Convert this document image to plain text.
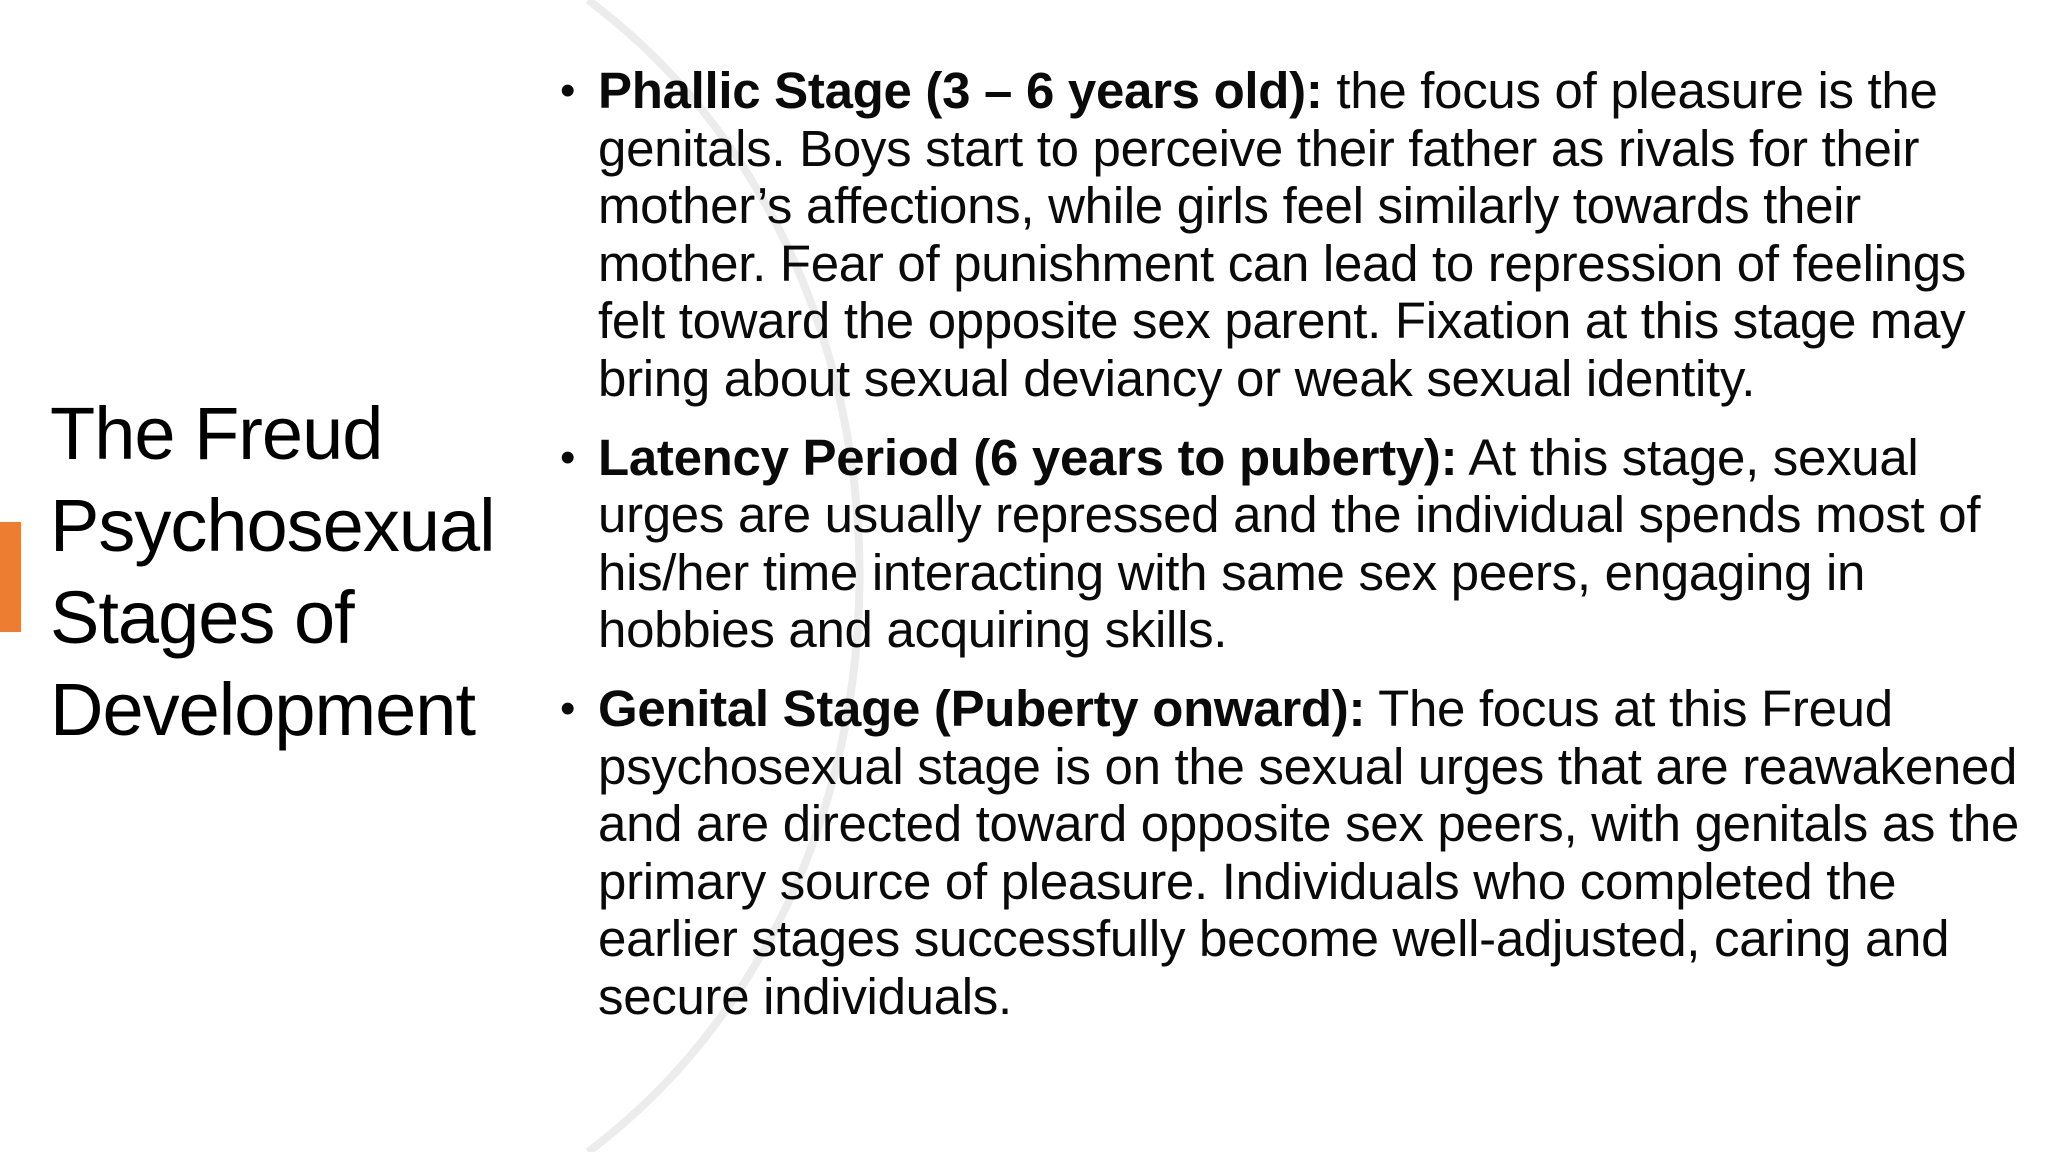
The Freud Psychosexual Stages of Development
• Phallic Stage (3 – 6 years old): the focus of pleasure is the genitals. Boys start to perceive their father as rivals for their mother’s affections, while girls feel similarly towards their mother. Fear of punishment can lead to repression of feelings felt toward the opposite sex parent. Fixation at this stage may bring about sexual deviancy or weak sexual identity.
• Latency Period (6 years to puberty): At this stage, sexual urges are usually repressed and the individual spends most of his/her time interacting with same sex peers, engaging in hobbies and acquiring skills.
• Genital Stage (Puberty onward): The focus at this Freud psychosexual stage is on the sexual urges that are reawakened and are directed toward opposite sex peers, with genitals as the primary source of pleasure. Individuals who completed the earlier stages successfully become well-adjusted, caring and secure individuals.
